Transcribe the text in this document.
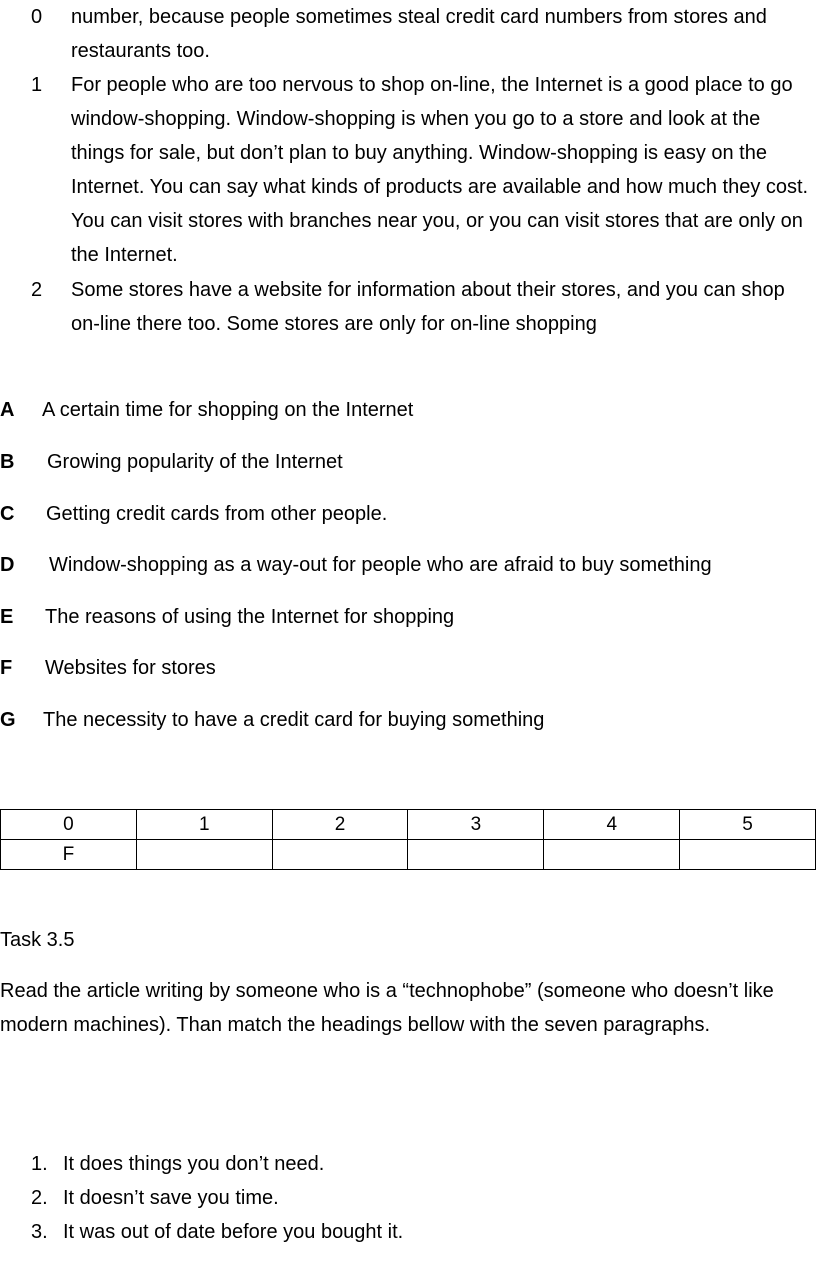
0 number, because people sometimes steal credit card numbers from stores and restaurants too.
1 For people who are too nervous to shop on-line, the Internet is a good place to go window-shopping. Window-shopping is when you go to a store and look at the things for sale, but don’t plan to buy anything. Window-shopping is easy on the Internet. You can say what kinds of products are available and how much they cost. You can visit stores with branches near you, or you can visit stores that are only on the Internet.
2 Some stores have a website for information about their stores, and you can shop on-line there too. Some stores are only for on-line shopping
A A certain time for shopping on the Internet
B Growing popularity of the Internet
C Getting credit cards from other people.
D Window-shopping as a way-out for people who are afraid to buy something
E The reasons of using the Internet for shopping
F Websites for stores
G The necessity to have a credit card for buying something
0	1	2	3	4	5
F					
Task 3.5
Read the article writing by someone who is a “technophobe” (someone who doesn’t like modern machines). Than match the headings bellow with the seven paragraphs.
1. It does things you don’t need.
2. It doesn’t save you time.
3. It was out of date before you bought it.
